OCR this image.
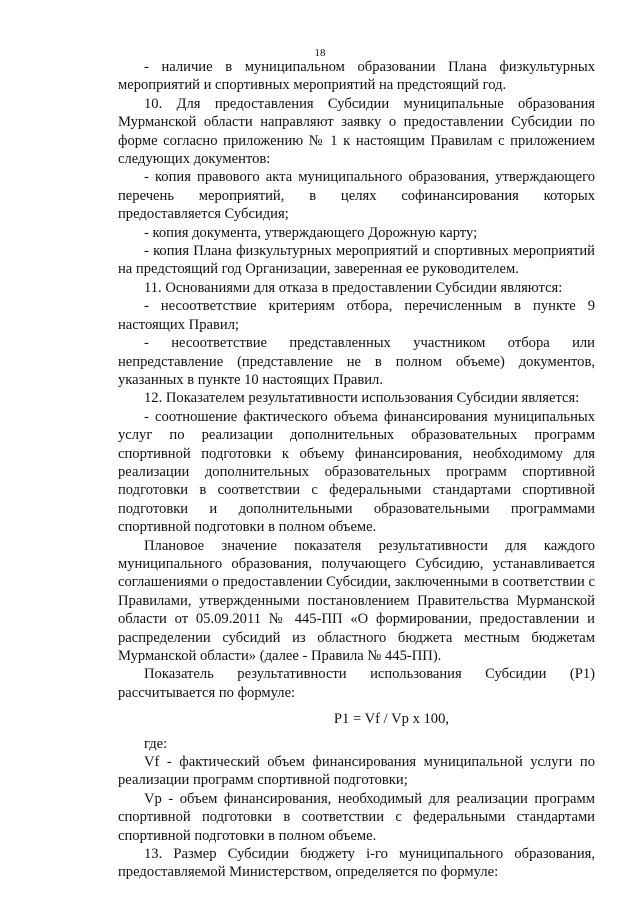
18

- наличие в муниципальном образовании Плана физкультурных мероприятий и спортивных мероприятий на предстоящий год.

10. Для предоставления Субсидии муниципальные образования Мурманской области направляют заявку о предоставлении Субсидии по форме согласно приложению № 1 к настоящим Правилам с приложением следующих документов:

- копия правового акта муниципального образования, утверждающего перечень мероприятий, в целях софинансирования которых предоставляется Субсидия;

- копия документа, утверждающего Дорожную карту;

- копия Плана физкультурных мероприятий и спортивных мероприятий на предстоящий год Организации, заверенная ее руководителем.

11. Основаниями для отказа в предоставлении Субсидии являются:

- несоответствие критериям отбора, перечисленным в пункте 9 настоящих Правил;

- несоответствие представленных участником отбора или непредставление (представление не в полном объеме) документов, указанных в пункте 10 настоящих Правил.

12. Показателем результативности использования Субсидии является:

- соотношение фактического объема финансирования муниципальных услуг по реализации дополнительных образовательных программ спортивной подготовки к объему финансирования, необходимому для реализации дополнительных образовательных программ спортивной подготовки в соответствии с федеральными стандартами спортивной подготовки и дополнительными образовательными программами спортивной подготовки в полном объеме.

Плановое значение показателя результативности для каждого муниципального образования, получающего Субсидию, устанавливается соглашениями о предоставлении Субсидии, заключенными в соответствии с Правилами, утвержденными постановлением Правительства Мурманской области от 05.09.2011 № 445-ПП «О формировании, предоставлении и распределении субсидий из областного бюджета местным бюджетам Мурманской области» (далее - Правила № 445-ПП).

Показатель результативности использования Субсидии (P1) рассчитывается по формуле:

P1 = Vf / Vp x 100,

где:

Vf - фактический объем финансирования муниципальной услуги по реализации программ спортивной подготовки;

Vp - объем финансирования, необходимый для реализации программ спортивной подготовки в соответствии с федеральными стандартами спортивной подготовки в полном объеме.

13. Размер Субсидии бюджету i-го муниципального образования, предоставляемой Министерством, определяется по формуле:
